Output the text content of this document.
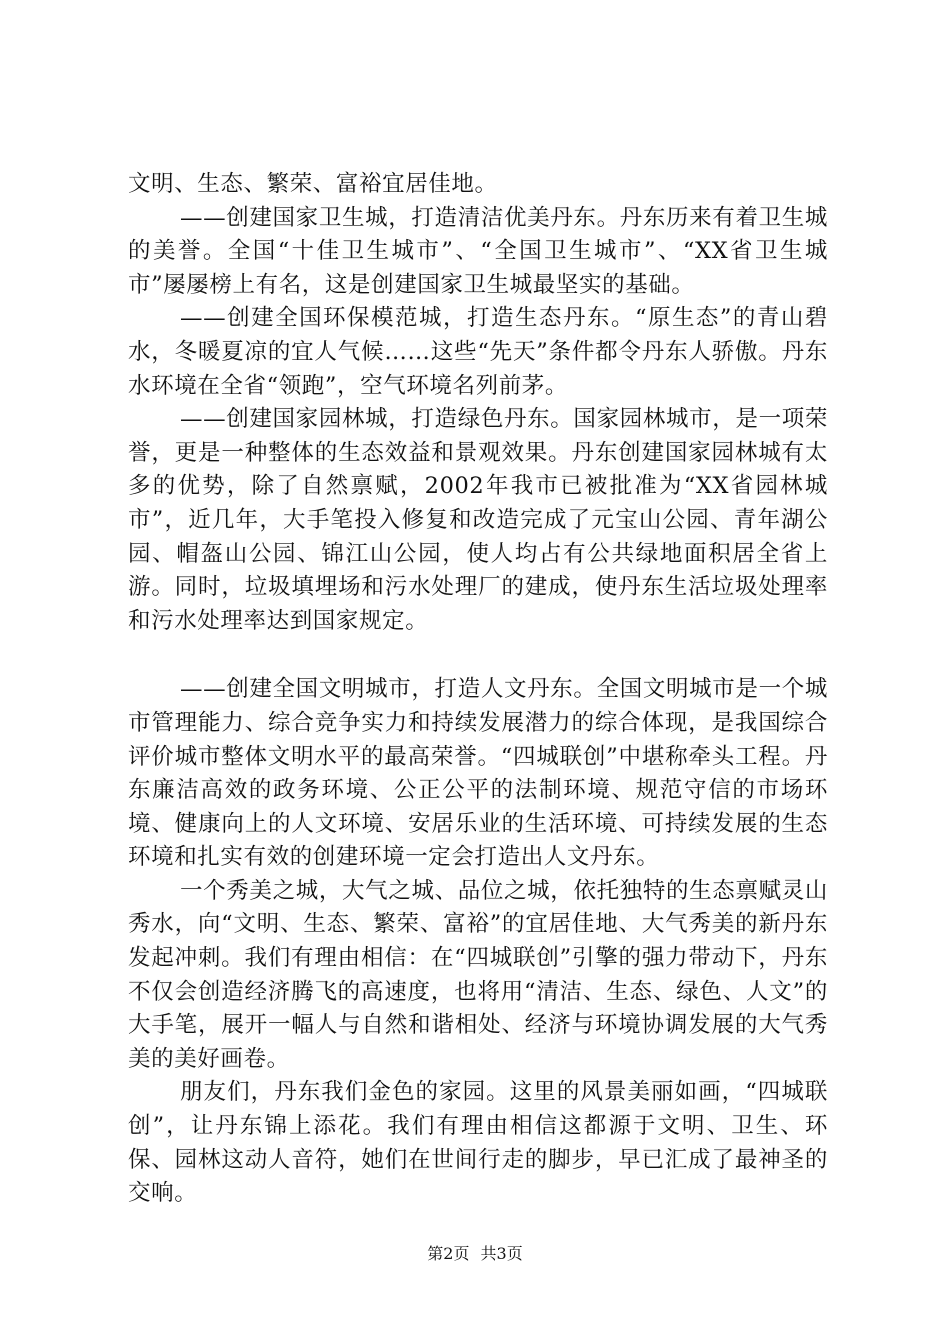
文明、生态、繁荣、富裕宜居佳地。

——创建国家卫生城，打造清洁优美丹东。丹东历来有着卫生城的美誉。全国“十佳卫生城市”、“全国卫生城市”、“XX省卫生城市”屡屡榜上有名，这是创建国家卫生城最坚实的基础。

——创建全国环保模范城，打造生态丹东。“原生态”的青山碧水，冬暖夏凉的宜人气候……这些“先天”条件都令丹东人骄傲。丹东水环境在全省“领跑”，空气环境名列前茅。

——创建国家园林城，打造绿色丹东。国家园林城市，是一项荣誉，更是一种整体的生态效益和景观效果。丹东创建国家园林城有太多的优势，除了自然禀赋，2002年我市已被批准为“XX省园林城市”，近几年，大手笔投入修复和改造完成了元宝山公园、青年湖公园、帽盔山公园、锦江山公园，使人均占有公共绿地面积居全省上游。同时，垃圾填埋场和污水处理厂的建成，使丹东生活垃圾处理率和污水处理率达到国家规定。

——创建全国文明城市，打造人文丹东。全国文明城市是一个城市管理能力、综合竞争实力和持续发展潜力的综合体现，是我国综合评价城市整体文明水平的最高荣誉。“四城联创”中堪称牵头工程。丹东廉洁高效的政务环境、公正公平的法制环境、规范守信的市场环境、健康向上的人文环境、安居乐业的生活环境、可持续发展的生态环境和扎实有效的创建环境一定会打造出人文丹东。

一个秀美之城，大气之城、品位之城，依托独特的生态禀赋灵山秀水，向“文明、生态、繁荣、富裕”的宜居佳地、大气秀美的新丹东发起冲刺。我们有理由相信：在“四城联创”引擎的强力带动下，丹东不仅会创造经济腾飞的高速度，也将用“清洁、生态、绿色、人文”的大手笔，展开一幅人与自然和谐相处、经济与环境协调发展的大气秀美的美好画卷。

朋友们，丹东我们金色的家园。这里的风景美丽如画，“四城联创”，让丹东锦上添花。我们有理由相信这都源于文明、卫生、环保、园林这动人音符，她们在世间行走的脚步，早已汇成了最神圣的交响。

第2页 共3页
